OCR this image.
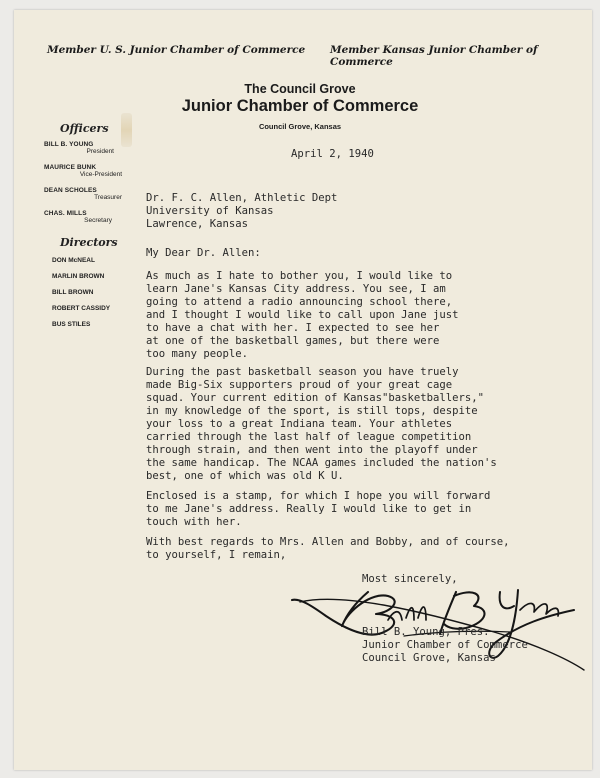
Member U. S. Junior Chamber of Commerce Member Kansas Junior Chamber of Commerce
The Council Grove
Junior Chamber of Commerce
Council Grove, Kansas
Officers
BILL B. YOUNG
President
MAURICE BUNK
Vice-President
DEAN SCHOLES
Treasurer
CHAS. MILLS
Secretary
Directors
DON McNEAL
MARLIN BROWN
BILL BROWN
ROBERT CASSIDY
BUS STILES
April 2, 1940
Dr. F. C. Allen, Athletic Dept
University of Kansas
Lawrence, Kansas
My Dear Dr. Allen:
As much as I hate to bother you, I would like to
learn Jane's Kansas City address. You see, I am
going to attend a radio announcing school there,
and I thought I would like to call upon Jane just
to have a chat with her. I expected to see her
at one of the basketball games, but there were
too many people.
During the past basketball season you have truely
made Big-Six supporters proud of your great cage
squad. Your current edition of Kansas"basketballers,"
in my knowledge of the sport, is still tops, despite
your loss to a great Indiana team. Your athletes
carried through the last half of league competition
through strain, and then went into the playoff under
the same handicap. The NCAA games included the nation's
best, one of which was old K U.
Enclosed is a stamp, for which I hope you will forward
to me Jane's address. Really I would like to get in
touch with her.
With best regards to Mrs. Allen and Bobby, and of course,
to yourself, I remain,
Most sincerely,
Bill B. Young, Pres.
Junior Chamber of Commerce
Council Grove, Kansas
